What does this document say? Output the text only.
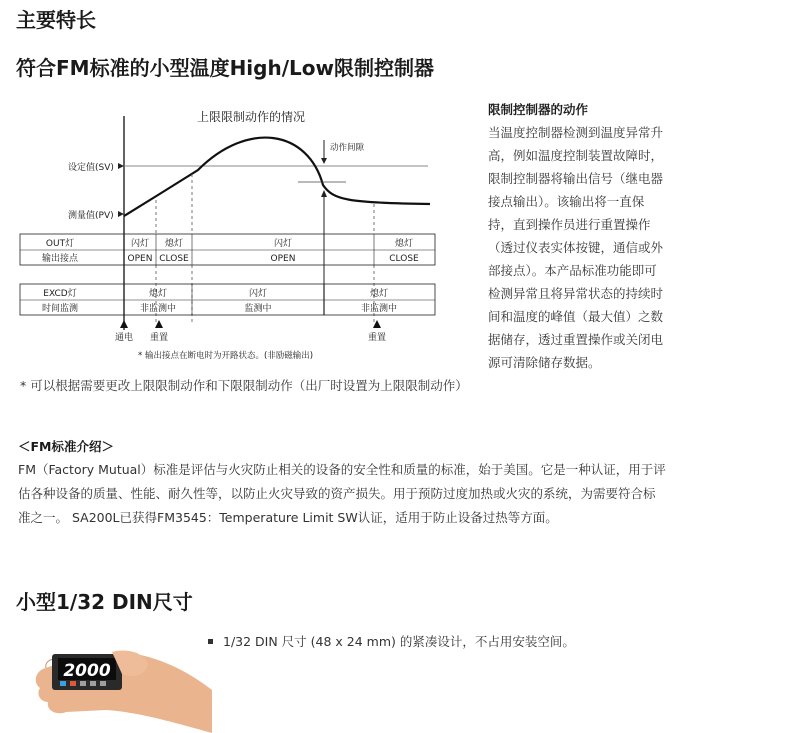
主要特长
符合FM标准的小型温度High/Low限制控制器
上限限制动作的情况
设定值(SV)
测量值(PV)
动作间隙
OUT灯	闪灯 熄灯	闪灯	熄灯
输出接点	OPEN CLOSE	OPEN	CLOSE
EXCD灯	熄灯	闪灯	熄灯
时间监测	非监测中	监测中	非监测中
通电 重置	重置
* 输出接点在断电时为开路状态。(非励磁输出)
限制控制器的动作
当温度控制器检测到温度异常升
高，例如温度控制装置故障时，
限制控制器将输出信号（继电器
接点输出）。该输出将一直保
持，直到操作员进行重置操作
（透过仪表实体按键，通信或外
部接点）。本产品标准功能即可
检测异常且将异常状态的持续时
间和温度的峰值（最大值）之数
据储存，透过重置操作或关闭电
源可清除储存数据。
* 可以根据需要更改上限限制动作和下限限制动作（出厂时设置为上限限制动作）
＜FM标准介绍＞
FM（Factory Mutual）标准是评估与火灾防止相关的设备的安全性和质量的标准，始于美国。它是一种认证，用于评
估各种设备的质量、性能、耐久性等，以防止火灾导致的资产损失。用于预防过度加热或火灾的系统，为需要符合标
准之一。 SA200L已获得FM3545：Temperature Limit SW认证，适用于防止设备过热等方面。
小型1/32 DIN尺寸
2000
1/32 DIN 尺寸 (48 x 24 mm) 的紧凑设计，不占用安装空间。
